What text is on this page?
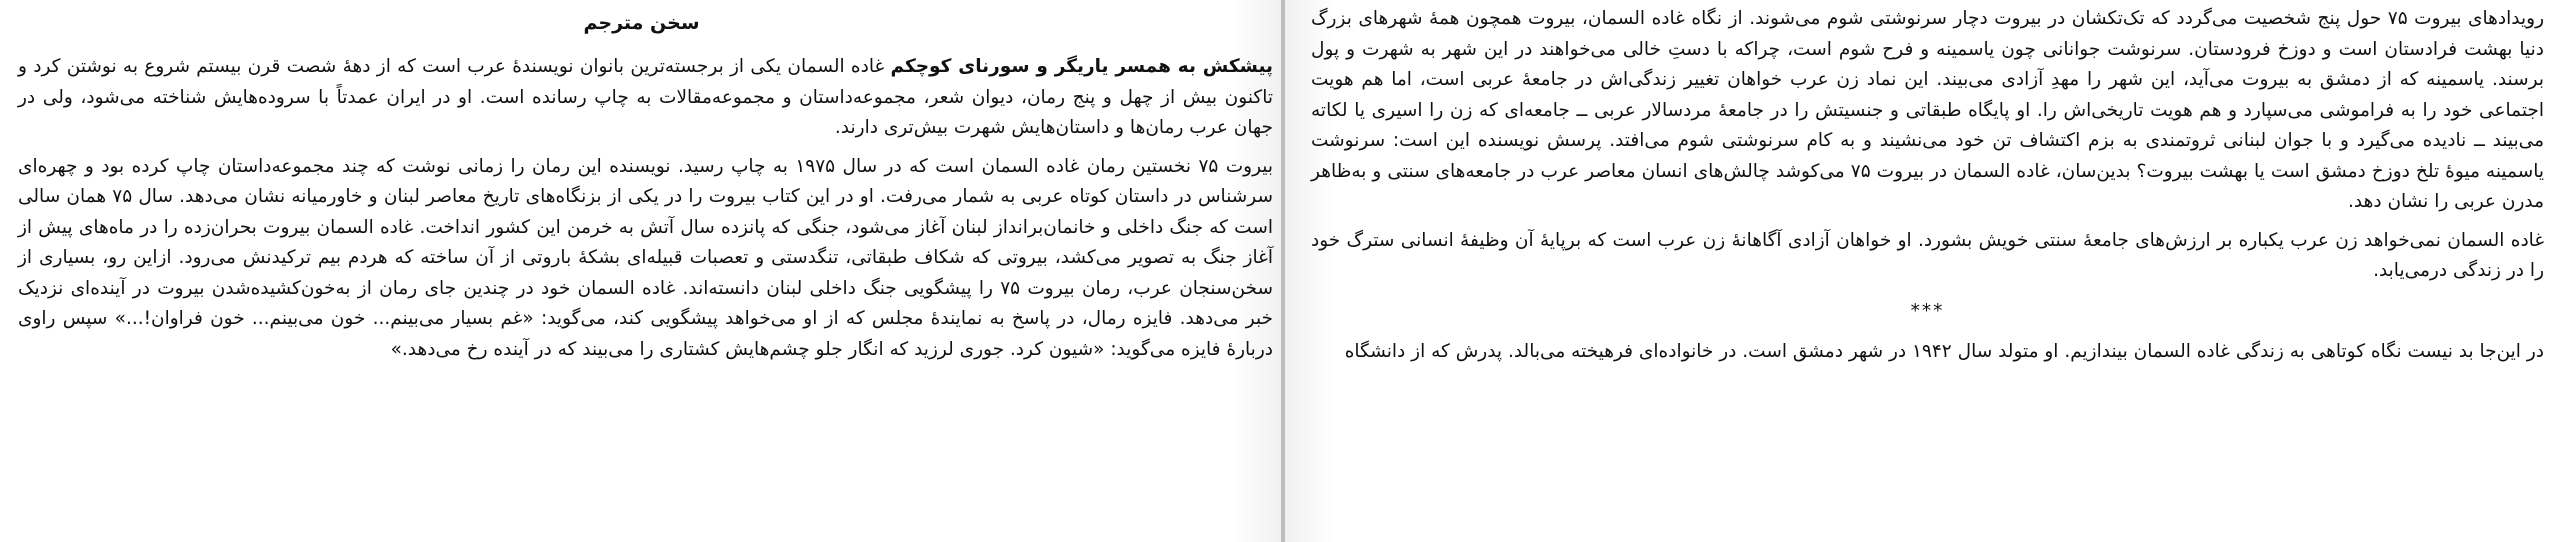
سخن مترجم

پیشکش به همسر یاریگر و سورنای کوچکم غاده السمان یکی از برجسته‌ترین بانوان نویسندهٔ عرب است که از دههٔ شصت قرن بیستم شروع به نوشتن کرد و تاکنون بیش از چهل و پنج رمان، دیوان شعر، مجموعه‌داستان و مجموعه‌مقالات به چاپ رسانده است. او در ایران عمدتاً با سروده‌هایش شناخته می‌شود، ولی در جهان عرب رمان‌ها و داستان‌هایش شهرت بیش‌تری دارند.

بیروت ۷۵ نخستین رمان غاده السمان است که در سال ۱۹۷۵ به چاپ رسید. نویسنده این رمان را زمانی نوشت که چند مجموعه‌داستان چاپ کرده بود و چهره‌ای سرشناس در داستان کوتاه عربی به شمار می‌رفت. او در این کتاب بیروت را در یکی از بزنگاه‌های تاریخ معاصر لبنان و خاورمیانه نشان می‌دهد. سال ۷۵ همان سالی است که جنگ داخلی و خانمان‌برانداز لبنان آغاز می‌شود، جنگی که پانزده سال آتش به خرمن این کشور انداخت. غاده السمان بیروت بحران‌زده را در ماه‌های پیش از آغاز جنگ به تصویر می‌کشد، بیروتی که شکاف طبقاتی، تنگدستی و تعصبات قبیله‌ای بشکهٔ باروتی از آن ساخته که هردم بیم ترکیدنش می‌رود. ازاین رو، بسیاری از سخن‌سنجان عرب، رمان بیروت ۷۵ را پیشگویی جنگ داخلی لبنان دانسته‌اند. غاده السمان خود در چندین جای رمان از به‌خون‌کشیده‌شدن بیروت در آینده‌ای نزدیک خبر می‌دهد. فایزه رمال، در پاسخ به نمایندهٔ مجلس که از او می‌خواهد پیشگویی کند، می‌گوید: «غم بسیار می‌بینم... خون می‌بینم... خون فراوان!...» سپس راوی دربارهٔ فایزه می‌گوید: «شیون کرد. جوری لرزید که انگار جلو چشم‌هایش کشتاری را می‌بیند که در آینده رخ می‌دهد.»

رویدادهای بیروت ۷۵ حول پنج شخصیت می‌گردد که تک‌تکشان در بیروت دچار سرنوشتی شوم می‌شوند. از نگاه غاده السمان، بیروت همچون همهٔ شهرهای بزرگ دنیا بهشت فرادستان است و دوزخ فرودستان. سرنوشت جوانانی چون یاسمینه و فرح شوم است، چراکه با دستِ خالی می‌خواهند در این شهر به شهرت و پول برسند. یاسمینه که از دمشق به بیروت می‌آید، این شهر را مهدِ آزادی می‌بیند. این نماد زن عرب خواهان تغییر زندگی‌اش در جامعهٔ عربی است، اما هم هویت اجتماعی خود را به فراموشی می‌سپارد و هم هویت تاریخی‌اش را. او پایگاه طبقاتی و جنسیتش را در جامعهٔ مردسالار عربی ــ جامعه‌ای که زن را اسیری یا لکاته می‌بیند ــ نادیده می‌گیرد و با جوان لبنانی ثروتمندی به بزم اکتشاف تن خود می‌نشیند و به کام سرنوشتی شوم می‌افتد. پرسش نویسنده این است: سرنوشت یاسمینه میوهٔ تلخ دوزخ دمشق است یا بهشت بیروت؟ بدین‌سان، غاده السمان در بیروت ۷۵ می‌کوشد چالش‌های انسان معاصر عرب در جامعه‌های سنتی و به‌ظاهر مدرن عربی را نشان دهد.

غاده السمان نمی‌خواهد زن عرب یکباره بر ارزش‌های جامعهٔ سنتی خویش بشورد. او خواهان آزادی آگاهانهٔ زن عرب است که برپایهٔ آن وظیفهٔ انسانی سترگ خود را در زندگی درمی‌یابد.

***

در این‌جا بد نیست نگاه کوتاهی به زندگی غاده السمان بیندازیم. او متولد سال ۱۹۴۲ در شهر دمشق است. در خانواده‌ای فرهیخته می‌بالد. پدرش که از دانشگاه
